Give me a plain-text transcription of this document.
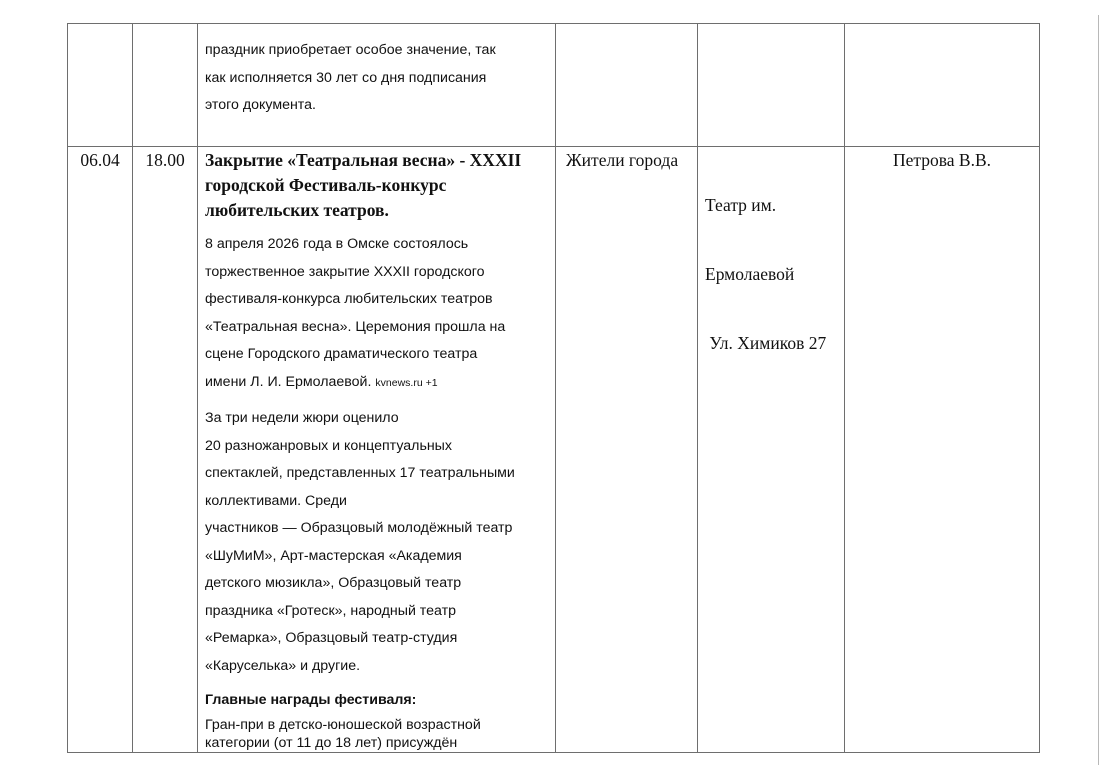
праздник приобретает особое значение, так

как исполняется 30 лет со дня подписания

этого документа.

06.04	18.00	Закрытие «Театральная весна» - XXXII
городской Фестиваль-конкурс
любительских театров.

8 апреля 2026 года в Омске состоялось

торжественное закрытие XXXII городского

фестиваля-конкурса любительских театров

«Театральная весна». Церемония прошла на

сцене Городского драматического театра

имени Л. И. Ермолаевой. kvnews.ru +1

За три недели жюри оценило

20 разножанровых и концептуальных

спектаклей, представленных 17 театральными

коллективами. Среди

участников — Образцовый молодёжный театр

«ШуМиМ», Арт-мастерская «Академия

детского мюзикла», Образцовый театр

праздника «Гротеск», народный театр

«Ремарка», Образцовый театр-студия

«Каруселька» и другие.

Главные награды фестиваля:
Гран-при в детско-юношеской возрастной
категории (от 11 до 18 лет) присуждён
Жители города

Театр им.

Ермолаевой

Ул. Химиков 27

Петрова В.В.
